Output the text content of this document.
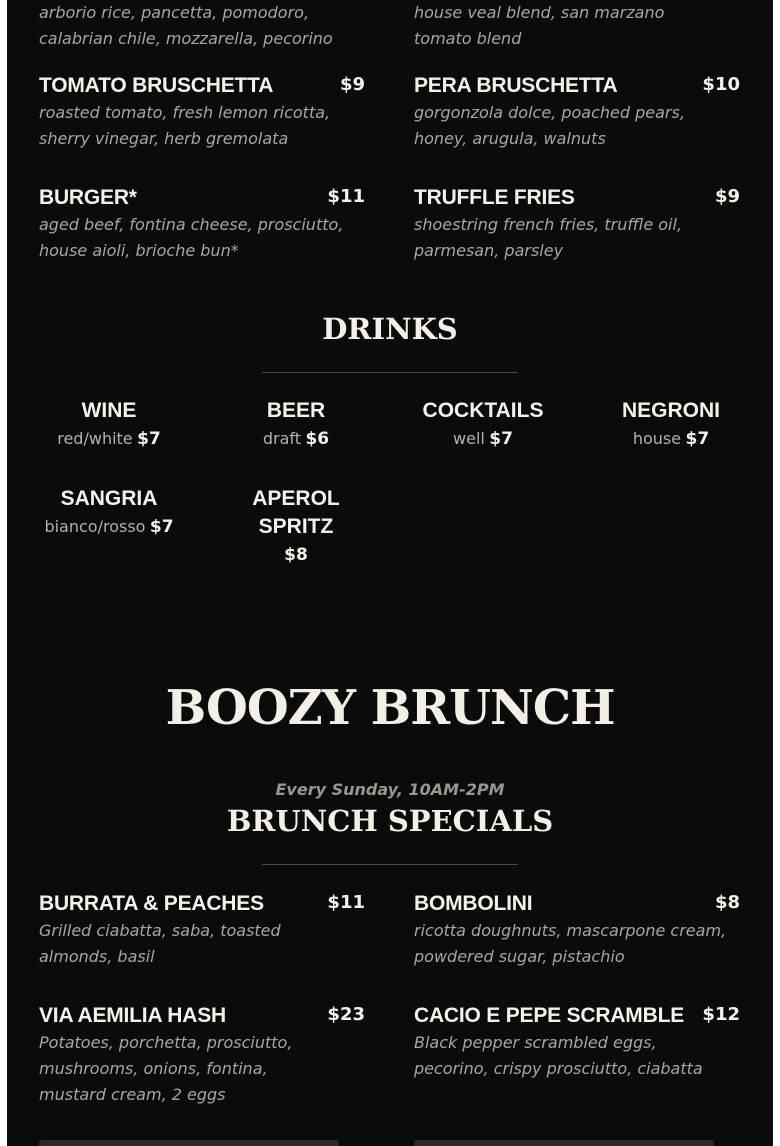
arborio rice, pancetta, pomodoro, calabrian chile, mozzarella, pecorino
house veal blend, san marzano tomato blend
TOMATO BRUSCHETTA	$9
roasted tomato, fresh lemon ricotta, sherry vinegar, herb gremolata
PERA BRUSCHETTA	$10
gorgonzola dolce, poached pears, honey, arugula, walnuts
BURGER*	$11
aged beef, fontina cheese, prosciutto, house aioli, brioche bun*
TRUFFLE FRIES	$9
shoestring french fries, truffle oil, parmesan, parsley
DRINKS
WINE
red/white $7
BEER
draft $6
COCKTAILS
well $7
NEGRONI
house $7
SANGRIA
bianco/rosso $7
APEROL SPRITZ
$8
BOOZY BRUNCH
Every Sunday, 10AM-2PM
BRUNCH SPECIALS
BURRATA & PEACHES	$11
Grilled ciabatta, saba, toasted almonds, basil
BOMBOLINI	$8
ricotta doughnuts, mascarpone cream, powdered sugar, pistachio
VIA AEMILIA HASH	$23
Potatoes, porchetta, prosciutto, mushrooms, onions, fontina, mustard cream, 2 eggs
CACIO E PEPE SCRAMBLE $12
Black pepper scrambled eggs, pecorino, crispy prosciutto, ciabatta
